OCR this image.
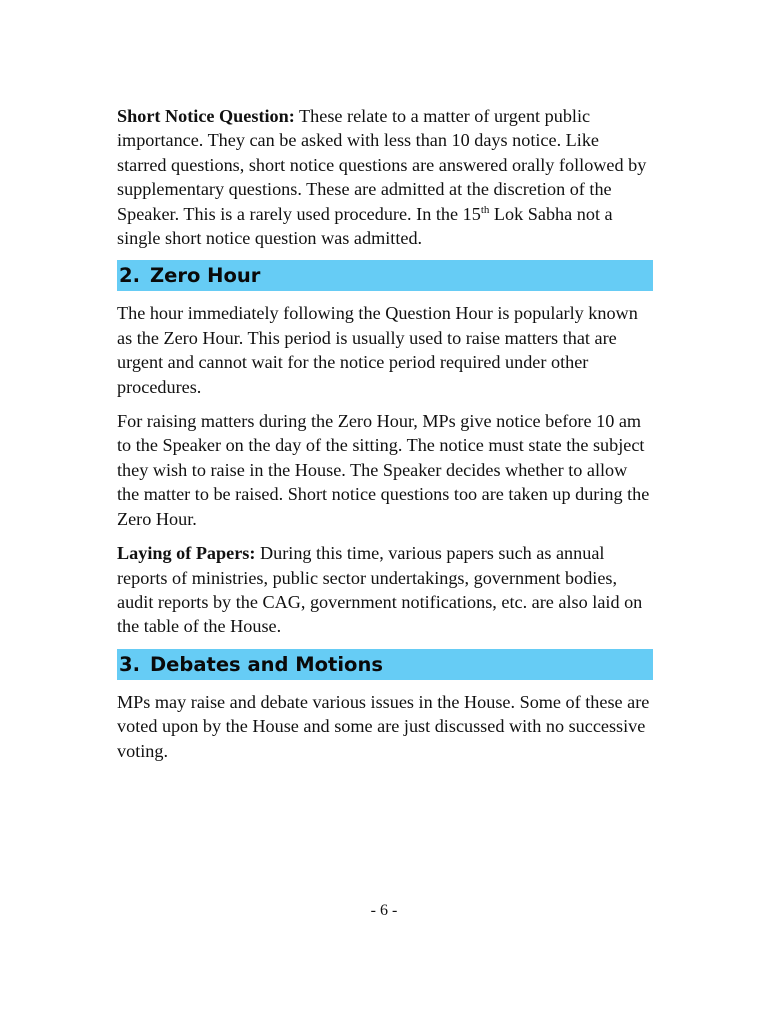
Short Notice Question: These relate to a matter of urgent public importance. They can be asked with less than 10 days notice. Like starred questions, short notice questions are answered orally followed by supplementary questions. These are admitted at the discretion of the Speaker. This is a rarely used procedure. In the 15th Lok Sabha not a single short notice question was admitted.

2. Zero Hour

The hour immediately following the Question Hour is popularly known as the Zero Hour. This period is usually used to raise matters that are urgent and cannot wait for the notice period required under other procedures.

For raising matters during the Zero Hour, MPs give notice before 10 am to the Speaker on the day of the sitting. The notice must state the subject they wish to raise in the House. The Speaker decides whether to allow the matter to be raised. Short notice questions too are taken up during the Zero Hour.

Laying of Papers: During this time, various papers such as annual reports of ministries, public sector undertakings, government bodies, audit reports by the CAG, government notifications, etc. are also laid on the table of the House.

3. Debates and Motions

MPs may raise and debate various issues in the House. Some of these are voted upon by the House and some are just discussed with no successive voting.

- 6 -
